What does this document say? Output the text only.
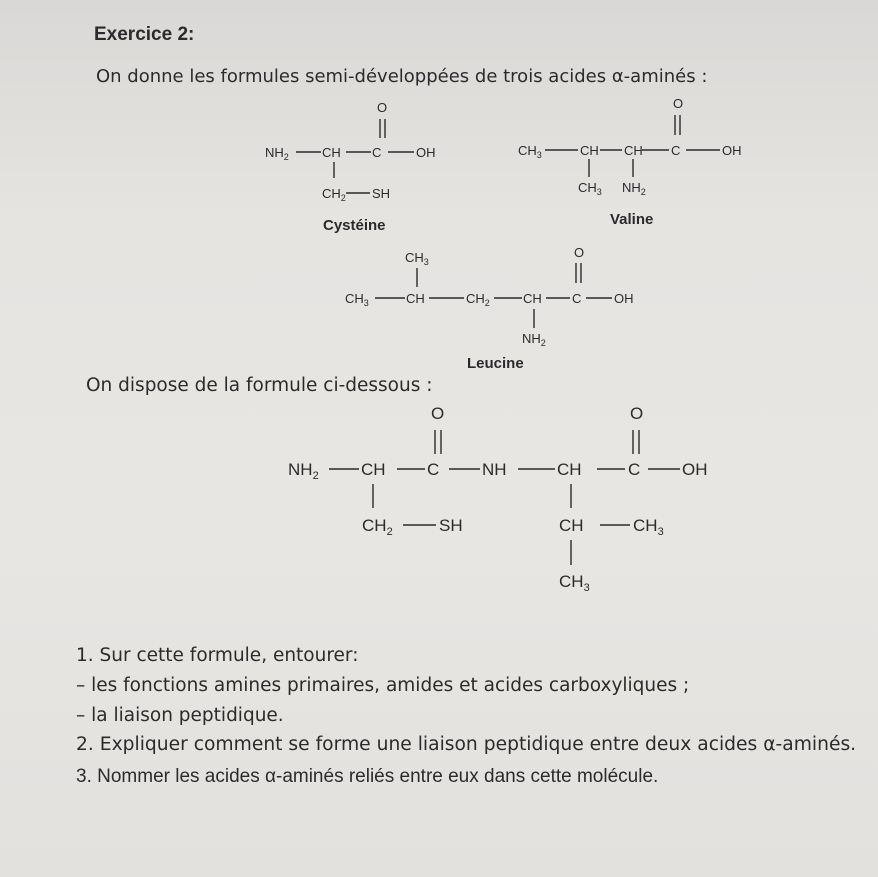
Exercice 2:

On donne les formules semi-développées de trois acides α-aminés :

$NH_2$	CH C
O
OH
$CH_2$ SH
Cystéine
$CH_3$	CH CH C
O
OH
$CH_3$ $NH_2$
Valine
$CH_3$
$CH_3$	CH	$CH_2$	CH C
O
OH
$NH_2$
Leucine
$NH_2$ CH C
O
NH	CH	C
O
OH
$CH_2$	SH	CH	$CH_3$
$CH_3$

On dispose de la formule ci-dessous :

1. Sur cette formule, entourer:

– les fonctions amines primaires, amides et acides carboxyliques ;

– la liaison peptidique.

2. Expliquer comment se forme une liaison peptidique entre deux acides α-aminés.

3. Nommer les acides α-aminés reliés entre eux dans cette molécule.
